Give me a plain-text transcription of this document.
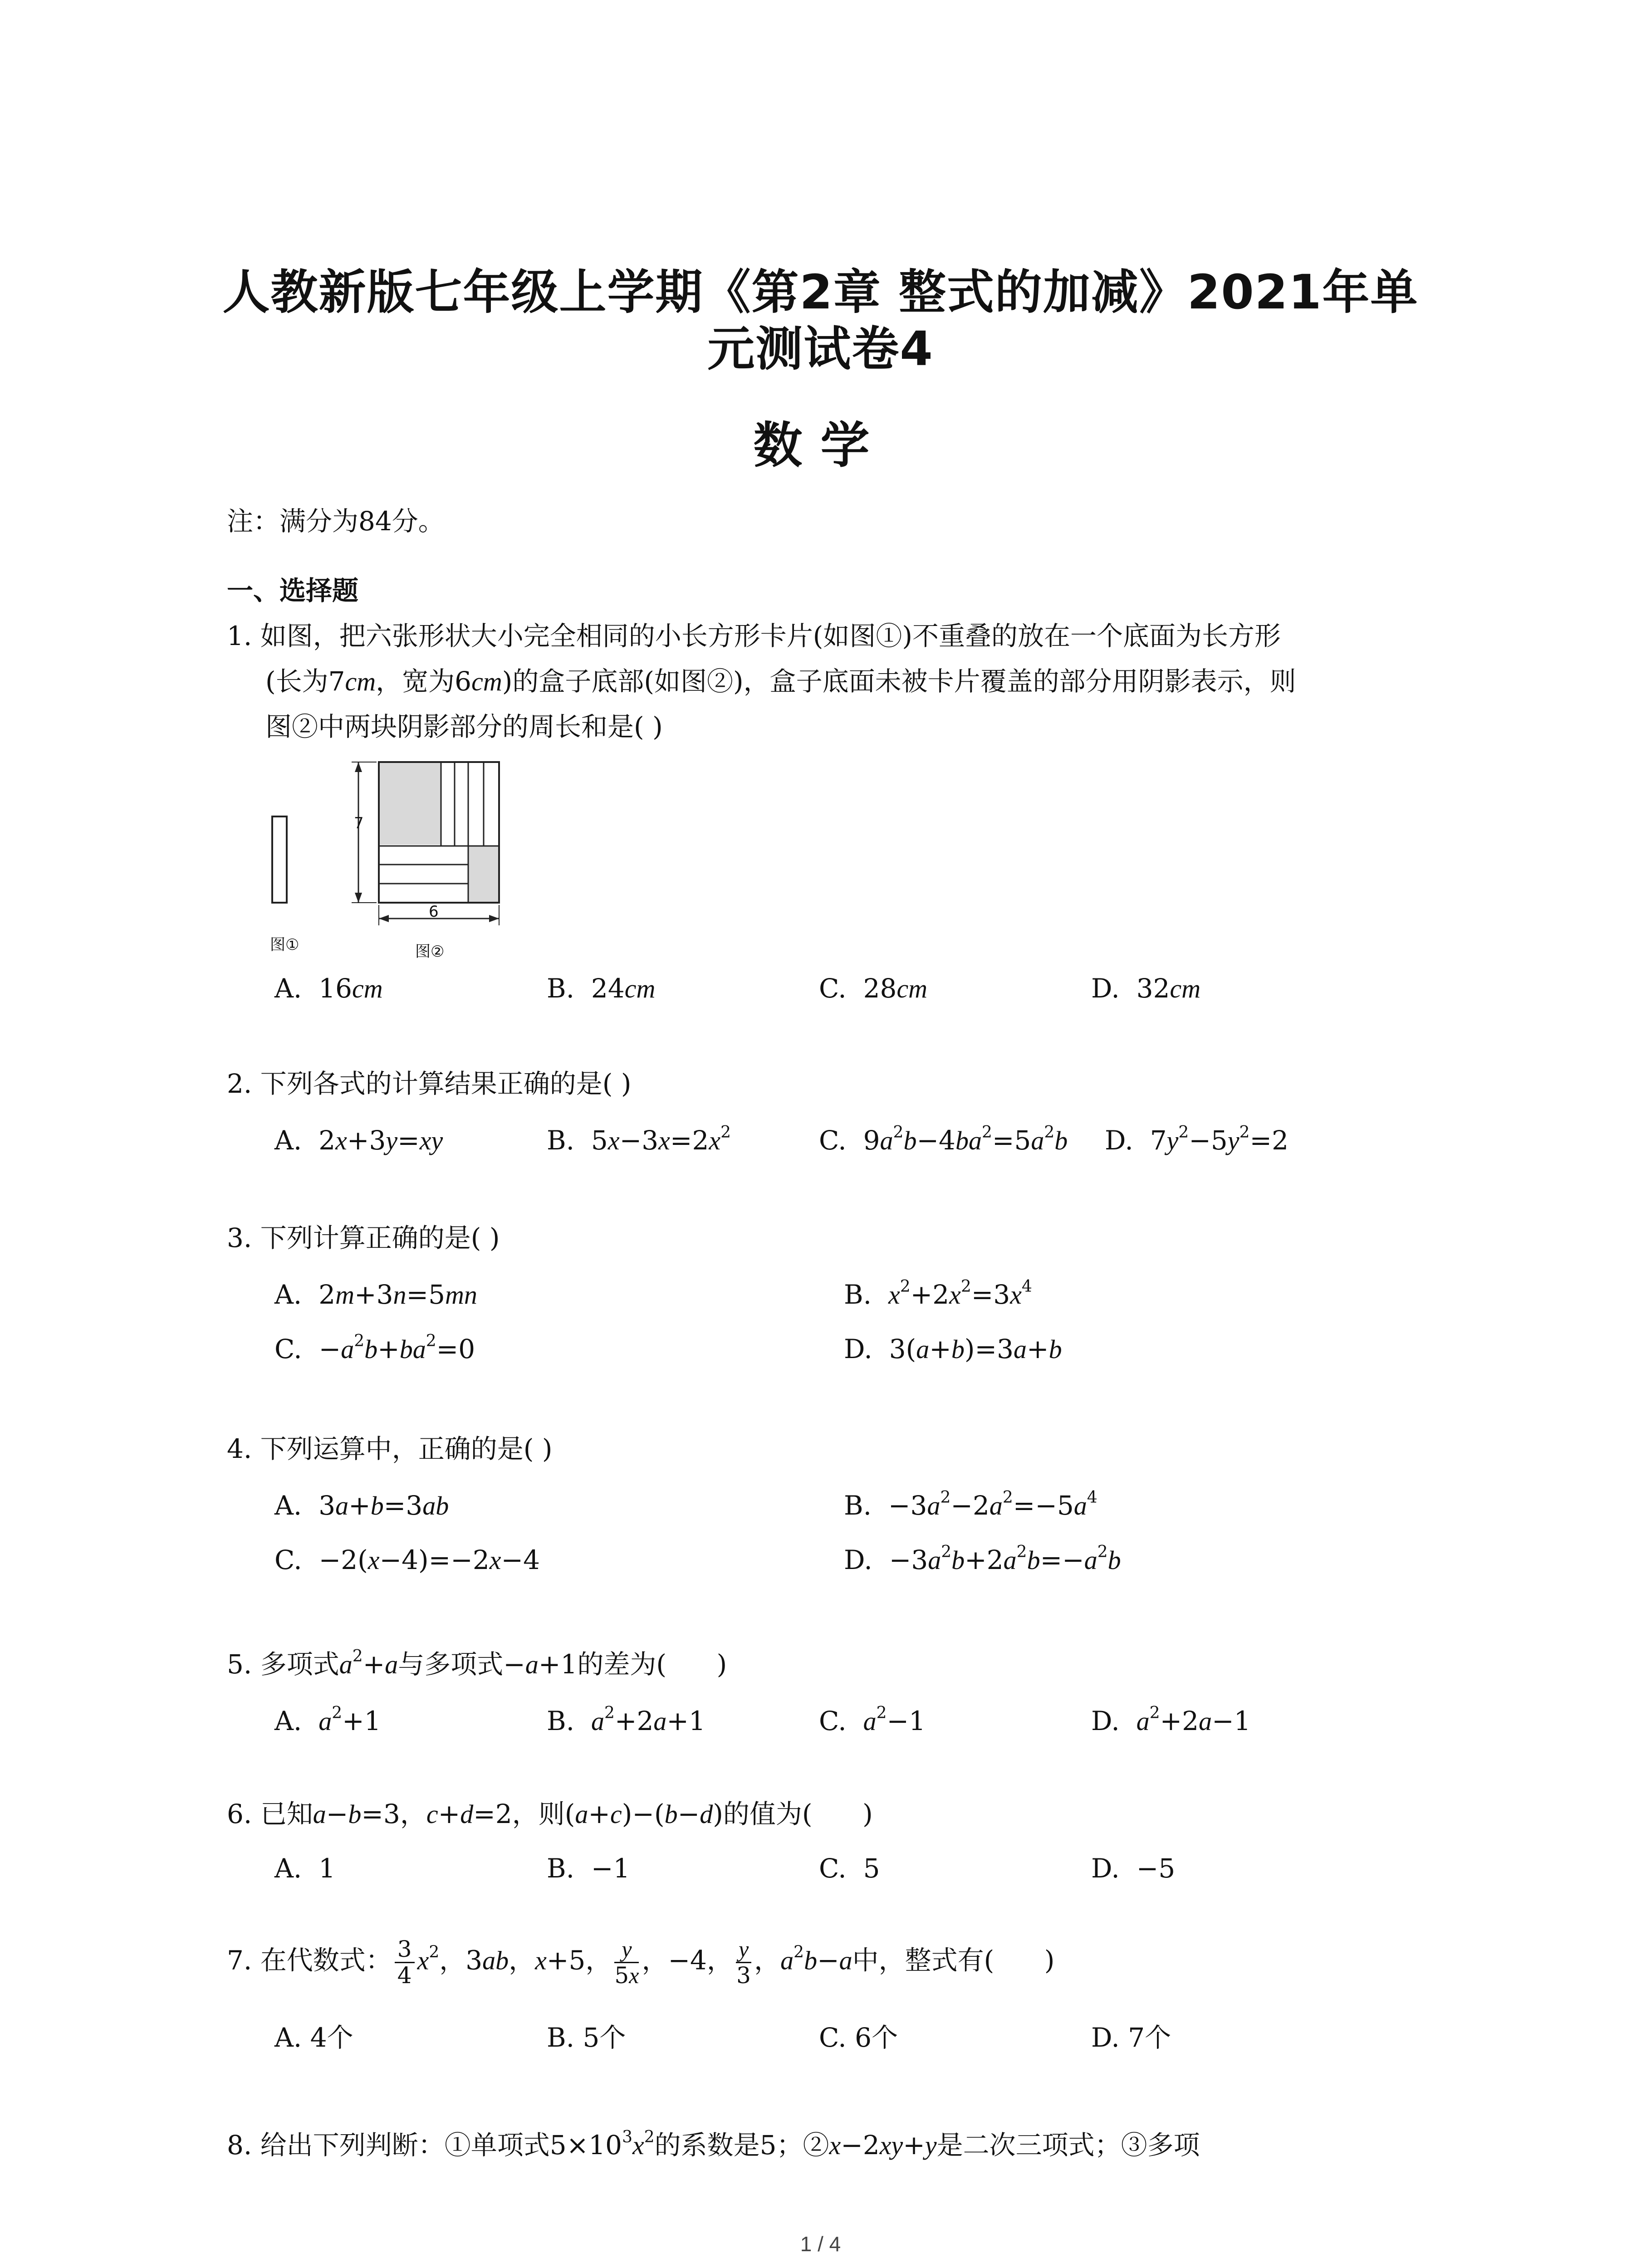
人教新版七年级上学期《第2章 整式的加减》2021年单
元测试卷4
数学
注：满分为84分。
一、选择题
1. 如图，把六张形状大小完全相同的小长方形卡片(如图①)不重叠的放在一个底面为长方形
(长为7cm，宽为6cm)的盒子底部(如图②)，盒子底面未被卡片覆盖的部分用阴影表示，则
图②中两块阴影部分的周长和是( )
7
6
图①	图②
A.  16cm	B.  24cm	C.  28cm	D.  32cm
2. 下列各式的计算结果正确的是( )
A.  2x+3y=xy	B.  $5x-3x=2x^2$	C.  $9a^2b-4ba^2=5a^2b$ D.  $7y^2-5y^2=2$
3. 下列计算正确的是( )
A.  2m+3n=5mn	B.  $x^2+2x^2=3x^4$
C.  $-a^2b+ba^2=0$	D.  3(a+b)=3a+b
4. 下列运算中，正确的是( )
A.  3a+b=3ab	B.  $-3a^2-2a^2=-5a^4$
C.  −2(x−4)=−2x−4	D.  $-3a^2b+2a^2b=-a^2b$
5. 多项式$a^2+a$与多项式−a+1的差为(      )
A.  $a^2+1$	B.  $a^2+2a+1$	C.  $a^2-1$	D.  $a^2+2a-1$
6. 已知a−b=3，c+d=2，则(a+c)−(b−d)的值为(      )
A.  1	B.  −1	C.  5	D.  −5
7. 在代数式： $\frac{3}{4} x^2$，3ab，x+5， $\frac{y}{5x}$ ，−4， $\frac{y}{3}$ ，$a^2b-a$中，整式有(      )
A. 4个	B. 5个	C. 6个	D. 7个
8. 给出下列判断：①单项式$5\times 10^3x^2$的系数是5；②x−2xy+y是二次三项式；③多项
1 / 4
